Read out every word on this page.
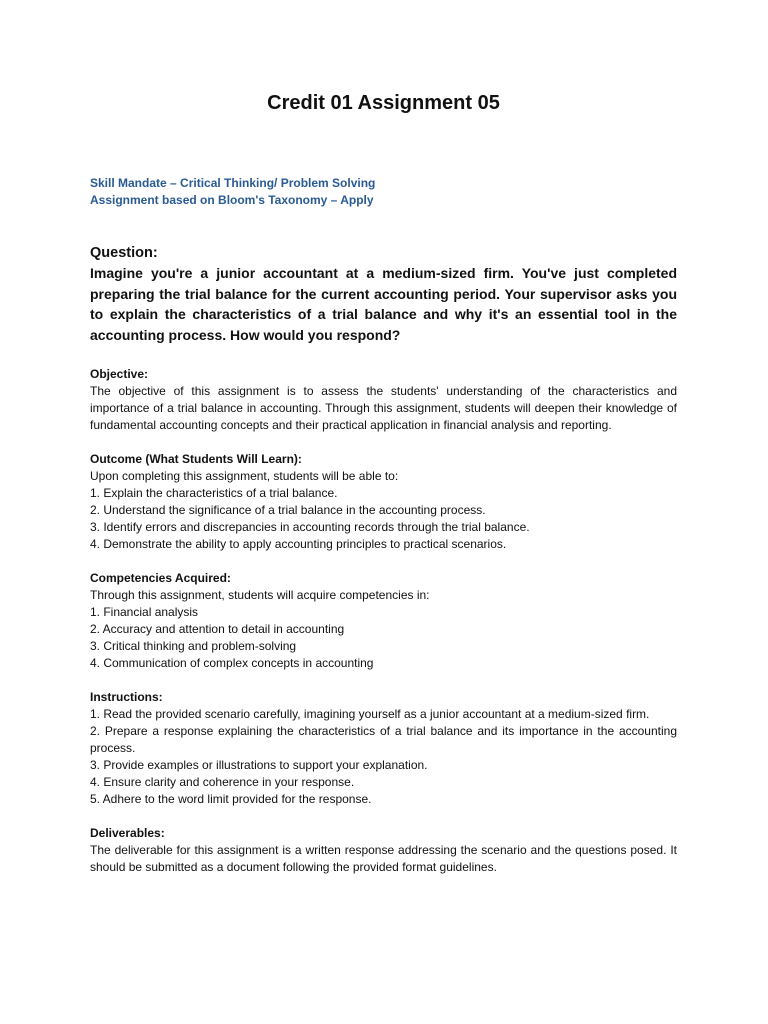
Credit 01 Assignment 05
Skill Mandate – Critical Thinking/ Problem Solving
Assignment based on Bloom's Taxonomy – Apply
Question:
Imagine you're a junior accountant at a medium-sized firm. You've just completed preparing the trial balance for the current accounting period. Your supervisor asks you to explain the characteristics of a trial balance and why it's an essential tool in the accounting process. How would you respond?
Objective:
The objective of this assignment is to assess the students' understanding of the characteristics and importance of a trial balance in accounting. Through this assignment, students will deepen their knowledge of fundamental accounting concepts and their practical application in financial analysis and reporting.
Outcome (What Students Will Learn):
Upon completing this assignment, students will be able to:
1. Explain the characteristics of a trial balance.
2. Understand the significance of a trial balance in the accounting process.
3. Identify errors and discrepancies in accounting records through the trial balance.
4. Demonstrate the ability to apply accounting principles to practical scenarios.
Competencies Acquired:
Through this assignment, students will acquire competencies in:
1. Financial analysis
2. Accuracy and attention to detail in accounting
3. Critical thinking and problem-solving
4. Communication of complex concepts in accounting
Instructions:
1. Read the provided scenario carefully, imagining yourself as a junior accountant at a medium-sized firm.
2. Prepare a response explaining the characteristics of a trial balance and its importance in the accounting process.
3. Provide examples or illustrations to support your explanation.
4. Ensure clarity and coherence in your response.
5. Adhere to the word limit provided for the response.
Deliverables:
The deliverable for this assignment is a written response addressing the scenario and the questions posed. It should be submitted as a document following the provided format guidelines.
